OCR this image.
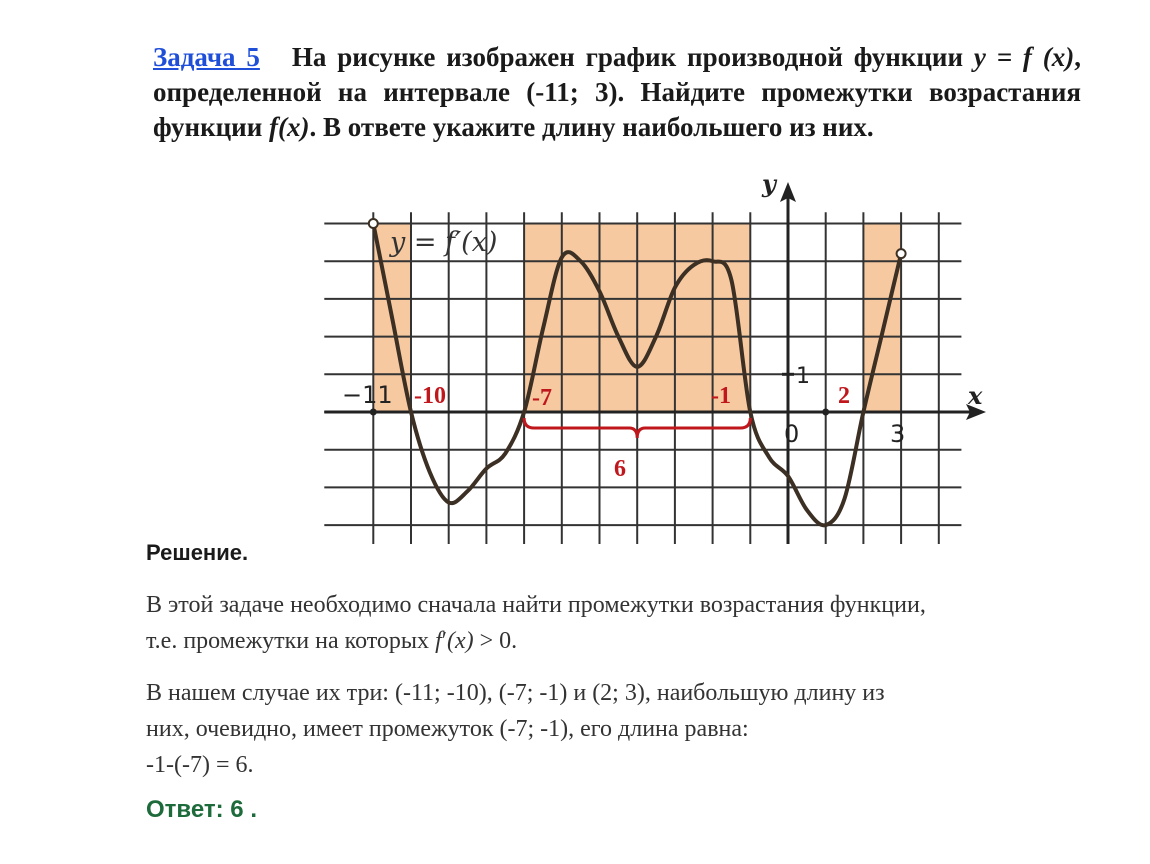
Задача 5 На рисунке изображен график производной функции y = f (x), определенной на интервале (-11; 3). Найдите промежутки возрастания функции f(x). В ответе укажите длину наибольшего из них.

y = f′(x)
x
y
−11
0
1
3
-10	-7	-1	2
6

Решение.

В этой задаче необходимо сначала найти промежутки возрастания функции,
т.е. промежутки на которых f′(x) > 0.

В нашем случае их три: (-11; -10), (-7; -1) и (2; 3), наибольшую длину из
них, очевидно, имеет промежуток (-7; -1), его длина равна:
-1-(-7) = 6.

Ответ: 6 .
